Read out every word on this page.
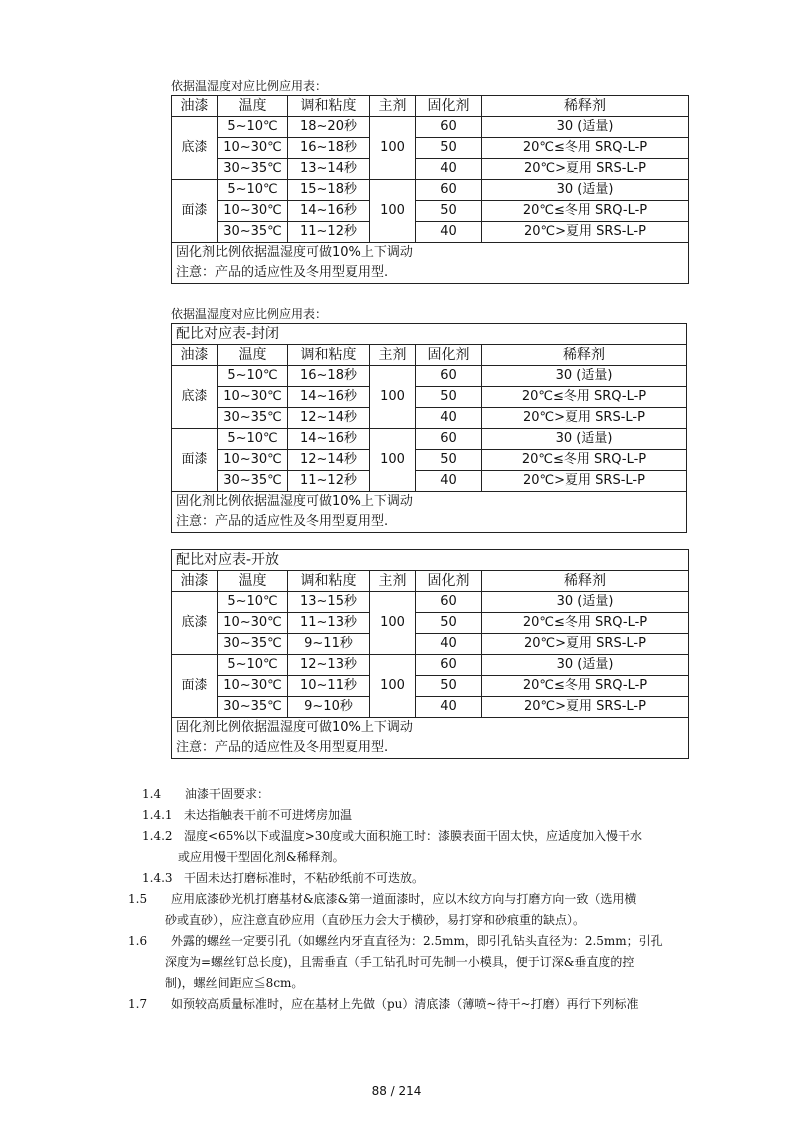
依据温湿度对应比例应用表：
油漆	温度	调和粘度	主剂	固化剂	稀释剂
底漆	5~10℃	18~20秒	100	60	30 (适量)
	10~30℃	16~18秒		50	20℃≤冬用 SRQ-L-P
	30~35℃	13~14秒		40	20℃>夏用 SRS-L-P
面漆	5~10℃	15~18秒	100	60	30 (适量)
	10~30℃	14~16秒		50	20℃≤冬用 SRQ-L-P
	30~35℃	11~12秒		40	20℃>夏用 SRS-L-P
固化剂比例依据温湿度可做10%上下调动					
注意：产品的适应性及冬用型夏用型.					
依据温湿度对应比例应用表：
配比对应表-封闭					
油漆	温度	调和粘度	主剂	固化剂	稀释剂
底漆	5~10℃	16~18秒	100	60	30 (适量)
	10~30℃	14~16秒		50	20℃≤冬用 SRQ-L-P
	30~35℃	12~14秒		40	20℃>夏用 SRS-L-P
面漆	5~10℃	14~16秒	100	60	30 (适量)
	10~30℃	12~14秒		50	20℃≤冬用 SRQ-L-P
	30~35℃	11~12秒		40	20℃>夏用 SRS-L-P
固化剂比例依据温湿度可做10%上下调动					
注意：产品的适应性及冬用型夏用型.					
配比对应表-开放					
油漆	温度	调和粘度	主剂	固化剂	稀释剂
底漆	5~10℃	13~15秒	100	60	30 (适量)
	10~30℃	11~13秒		50	20℃≤冬用 SRQ-L-P
	30~35℃	9~11秒		40	20℃>夏用 SRS-L-P
面漆	5~10℃	12~13秒	100	60	30 (适量)
	10~30℃	10~11秒		50	20℃≤冬用 SRQ-L-P
	30~35℃	9~10秒		40	20℃>夏用 SRS-L-P
固化剂比例依据温湿度可做10%上下调动					
注意：产品的适应性及冬用型夏用型.					
1.4	油漆干固要求：
1.4.1 未达指触表干前不可进烤房加温
1.4.2 湿度<65%以下或温度>30度或大面积施工时：漆膜表面干固太快，应适度加入慢干水
或应用慢干型固化剂&稀释剂。
1.4.3 干固未达打磨标准时，不粘砂纸前不可迭放。
1.5	应用底漆砂光机打磨基材&底漆&第一道面漆时，应以木纹方向与打磨方向一致（选用横
砂或直砂），应注意直砂应用（直砂压力会大于横砂，易打穿和砂痕重的缺点）。
1.6	外露的螺丝一定要引孔（如螺丝内牙直直径为：2.5mm，即引孔钻头直径为：2.5mm；引孔
深度为=螺丝钉总长度)，且需垂直（手工钻孔时可先制一小模具，便于订深&垂直度的控
制)，螺丝间距应≦8cm。
1.7	如预较高质量标准时，应在基材上先做（pu）清底漆（薄喷~待干~打磨）再行下列标准
88 / 214
